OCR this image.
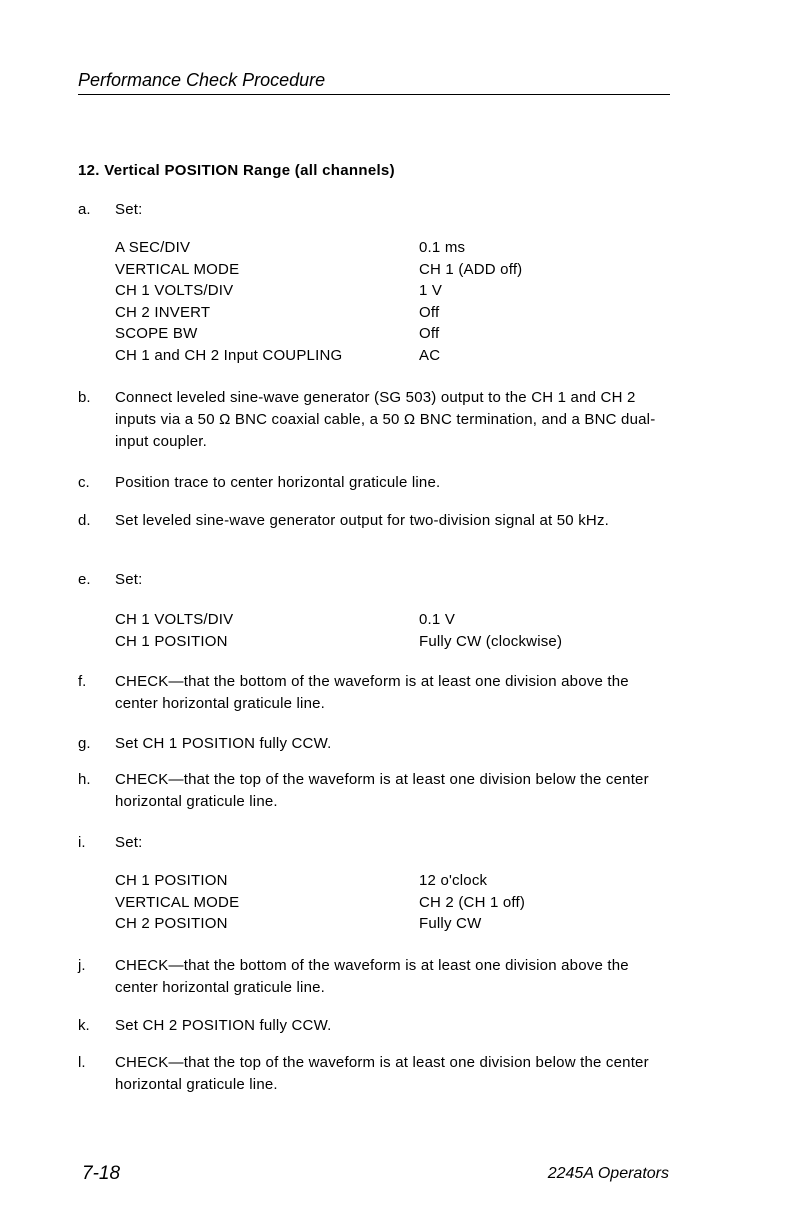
Performance Check Procedure
12. Vertical POSITION Range (all channels)
a.	Set:
A SEC/DIV	0.1 ms
VERTICAL MODE	CH 1 (ADD off)
CH 1 VOLTS/DIV	1 V
CH 2 INVERT	Off
SCOPE BW	Off
CH 1 and CH 2 Input COUPLING	AC
b.	Connect leveled sine-wave generator (SG 503) output to the CH 1 and CH 2 inputs via a 50 Ω BNC coaxial cable, a 50 Ω BNC termination, and a BNC dual-input coupler.
c.	Position trace to center horizontal graticule line.
d.	Set leveled sine-wave generator output for two-division signal at 50 kHz.
e.	Set:
CH 1 VOLTS/DIV	0.1 V
CH 1 POSITION	Fully CW (clockwise)
f.	CHECK—that the bottom of the waveform is at least one division above the center horizontal graticule line.
g.	Set CH 1 POSITION fully CCW.
h.	CHECK—that the top of the waveform is at least one division below the center horizontal graticule line.
i.	Set:
CH 1 POSITION	12 o'clock
VERTICAL MODE	CH 2 (CH 1 off)
CH 2 POSITION	Fully CW
j.	CHECK—that the bottom of the waveform is at least one division above the center horizontal graticule line.
k.	Set CH 2 POSITION fully CCW.
l.	CHECK—that the top of the waveform is at least one division below the center horizontal graticule line.
7-18	2245A Operators
